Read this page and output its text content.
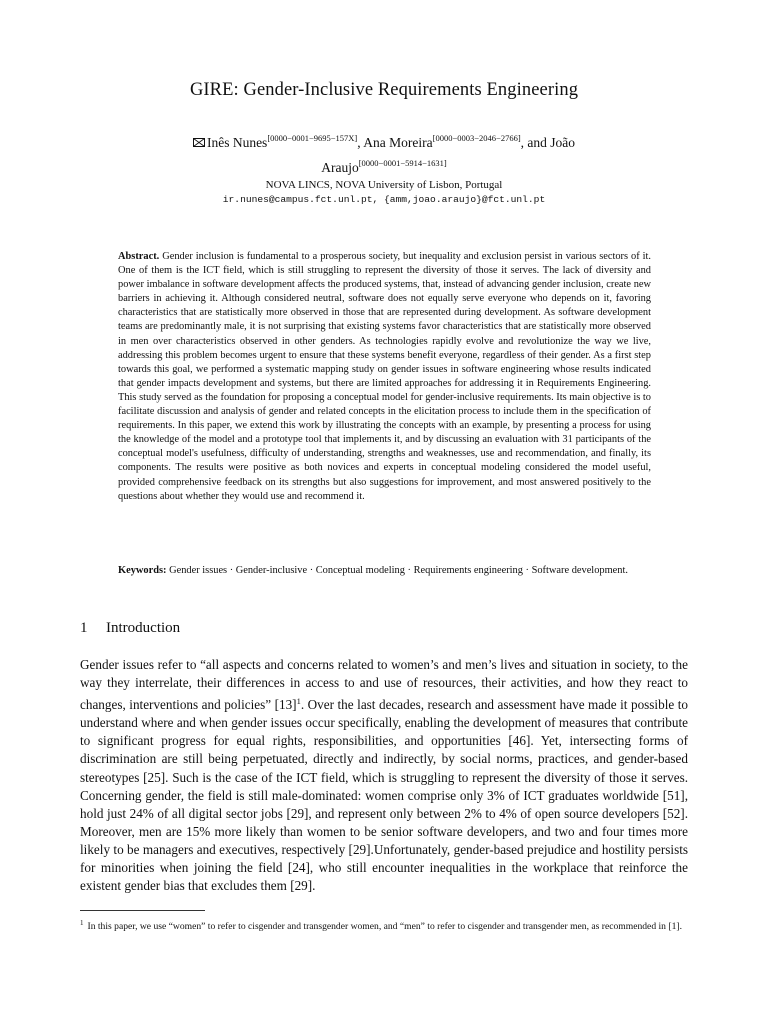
GIRE: Gender-Inclusive Requirements Engineering
Inês Nunes[0000−0001−9695−157X], Ana Moreira[0000−0003−2046−2766], and João
Araujo[0000−0001−5914−1631]
NOVA LINCS, NOVA University of Lisbon, Portugal
ir.nunes@campus.fct.unl.pt, {amm,joao.araujo}@fct.unl.pt
Abstract. Gender inclusion is fundamental to a prosperous society, but inequality and exclusion persist in various sectors of it. One of them is the ICT field, which is still struggling to represent the diversity of those it serves. The lack of diversity and power imbalance in software development affects the produced systems, that, instead of advancing gender inclusion, create new barriers in achieving it. Although considered neutral, software does not equally serve everyone who depends on it, favoring characteristics that are statistically more observed in those that are represented during development. As software development teams are predominantly male, it is not surprising that existing systems favor characteristics that are statistically more observed in men over characteristics observed in other genders. As technologies rapidly evolve and revolutionize the way we live, addressing this problem becomes urgent to ensure that these systems benefit everyone, regardless of their gender. As a first step towards this goal, we performed a systematic mapping study on gender issues in software engineering whose results indicated that gender impacts development and systems, but there are limited approaches for addressing it in Requirements Engineering. This study served as the foundation for proposing a conceptual model for gender-inclusive requirements. Its main objective is to facilitate discussion and analysis of gender and related concepts in the elicitation process to include them in the specification of requirements. In this paper, we extend this work by illustrating the concepts with an example, by presenting a process for using the knowledge of the model and a prototype tool that implements it, and by discussing an evaluation with 31 participants of the conceptual model's usefulness, difficulty of understanding, strengths and weaknesses, use and recommendation, and finally, its components. The results were positive as both novices and experts in conceptual modeling considered the model useful, provided comprehensive feedback on its strengths but also suggestions for improvement, and most answered positively to the questions about whether they would use and recommend it.
Keywords: Gender issues · Gender-inclusive · Conceptual modeling · Requirements engineering · Software development.
1 Introduction
Gender issues refer to “all aspects and concerns related to women’s and men’s lives and situation in society, to the way they interrelate, their differences in access to and use of resources, their activities, and how they react to changes, interventions and policies” $[13]^1$. Over the last decades, research and assessment have made it possible to understand where and when gender issues occur specifically, enabling the development of measures that contribute to significant progress for equal rights, responsibilities, and opportunities [46]. Yet, intersecting forms of discrimination are still being perpetuated, directly and indirectly, by social norms, practices, and gender-based stereotypes [25]. Such is the case of the ICT field, which is struggling to represent the diversity of those it serves. Concerning gender, the field is still male-dominated: women comprise only 3% of ICT graduates worldwide [51], hold just 24% of all digital sector jobs [29], and represent only between 2% to 4% of open source developers [52]. Moreover, men are 15% more likely than women to be senior software developers, and two and four times more likely to be managers and executives, respectively [29].Unfortunately, gender-based prejudice and hostility persists for minorities when joining the field [24], who still encounter inequalities in the workplace that reinforce the existent gender bias that excludes them [29].
$^1$ In this paper, we use “women” to refer to cisgender and transgender women, and “men” to refer to cisgender and transgender men, as recommended in [1].
